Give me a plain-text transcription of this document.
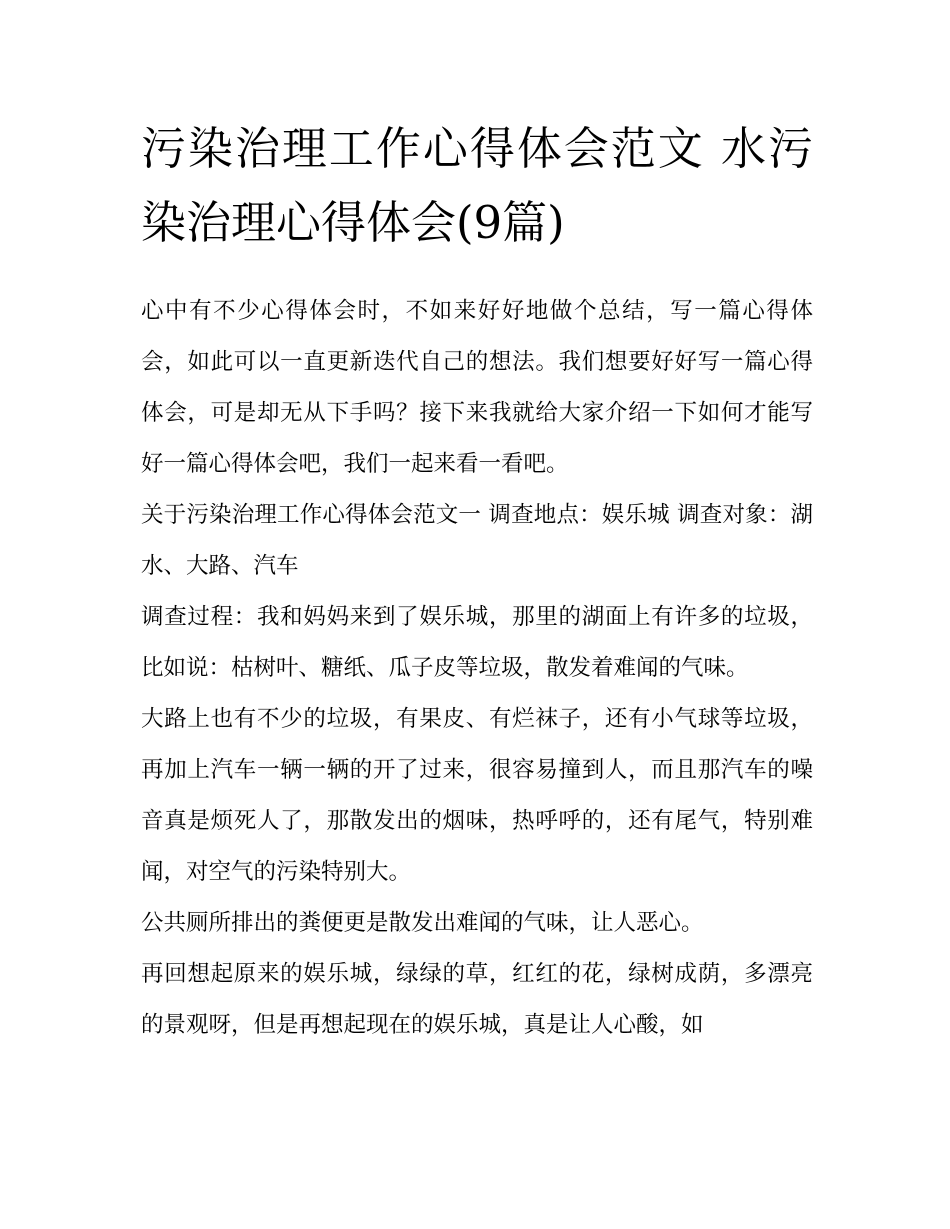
污染治理工作心得体会范文 水污染治理心得体会(9篇)

心中有不少心得体会时，不如来好好地做个总结，写一篇心得体会，如此可以一直更新迭代自己的想法。我们想要好好写一篇心得体会，可是却无从下手吗？接下来我就给大家介绍一下如何才能写好一篇心得体会吧，我们一起来看一看吧。

关于污染治理工作心得体会范文一 调查地点：娱乐城 调查对象：湖水、大路、汽车

调查过程：我和妈妈来到了娱乐城，那里的湖面上有许多的垃圾，比如说：枯树叶、糖纸、瓜子皮等垃圾，散发着难闻的气味。

大路上也有不少的垃圾，有果皮、有烂袜子，还有小气球等垃圾，再加上汽车一辆一辆的开了过来，很容易撞到人，而且那汽车的噪音真是烦死人了，那散发出的烟味，热呼呼的，还有尾气，特别难闻，对空气的污染特别大。

公共厕所排出的粪便更是散发出难闻的气味，让人恶心。

再回想起原来的娱乐城，绿绿的草，红红的花，绿树成荫，多漂亮的景观呀，但是再想起现在的娱乐城，真是让人心酸，如
